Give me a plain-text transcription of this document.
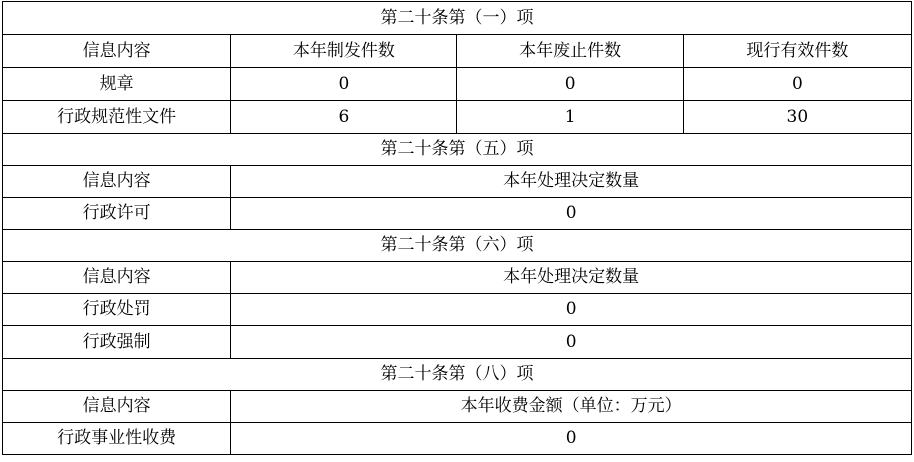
第二十条第（一）项			
信息内容	本年制发件数	本年废止件数	现行有效件数
规章	0	0	0
行政规范性文件	6	1	30
第二十条第（五）项			
信息内容	本年处理决定数量		
行政许可	0		
第二十条第（六）项			
信息内容	本年处理决定数量		
行政处罚	0		
行政强制	0		
第二十条第（八）项			
信息内容	本年收费金额（单位：万元）		
行政事业性收费	0		
